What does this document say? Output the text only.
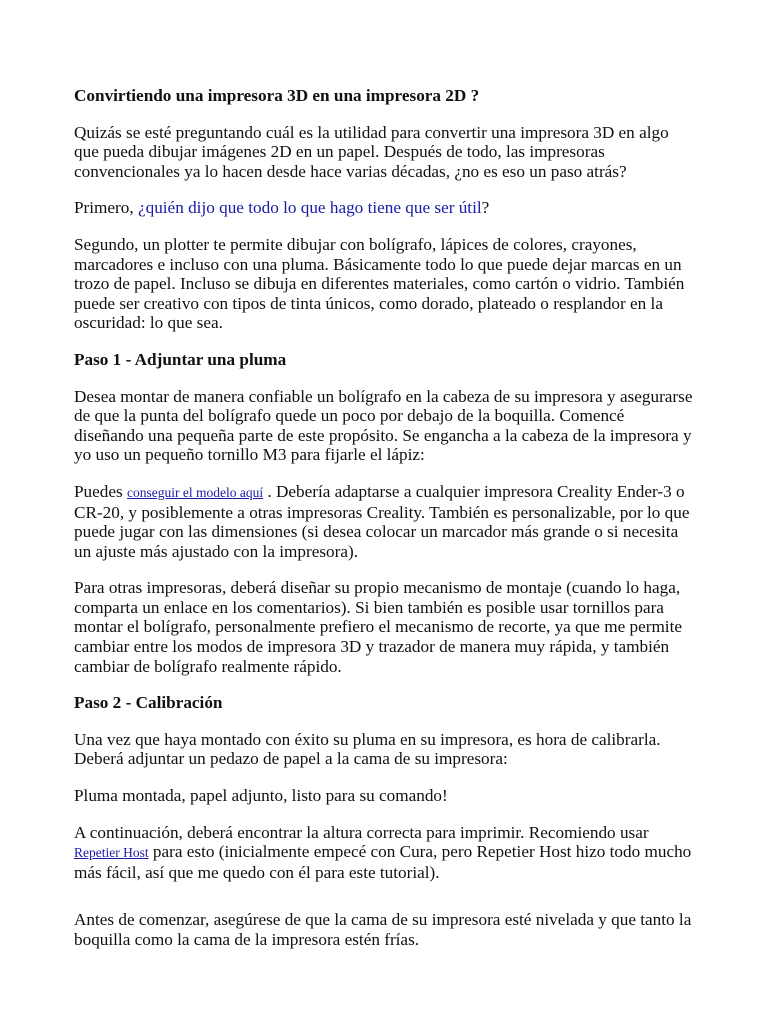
Convirtiendo una impresora 3D en una impresora 2D ?

Quizás se esté preguntando cuál es la utilidad para convertir una impresora 3D en algo que pueda dibujar imágenes 2D en un papel. Después de todo, las impresoras convencionales ya lo hacen desde hace varias décadas, ¿no es eso un paso atrás?

Primero, ¿quién dijo que todo lo que hago tiene que ser útil?

Segundo, un plotter te permite dibujar con bolígrafo, lápices de colores, crayones, marcadores e incluso con una pluma. Básicamente todo lo que puede dejar marcas en un trozo de papel. Incluso se dibuja en diferentes materiales, como cartón o vidrio. También puede ser creativo con tipos de tinta únicos, como dorado, plateado o resplandor en la oscuridad: lo que sea.

Paso 1 - Adjuntar una pluma

Desea montar de manera confiable un bolígrafo en la cabeza de su impresora y asegurarse de que la punta del bolígrafo quede un poco por debajo de la boquilla. Comencé diseñando una pequeña parte de este propósito. Se engancha a la cabeza de la impresora y yo uso un pequeño tornillo M3 para fijarle el lápiz:

Puedes conseguir el modelo aquí . Debería adaptarse a cualquier impresora Creality Ender-3 o CR-20, y posiblemente a otras impresoras Creality. También es personalizable, por lo que puede jugar con las dimensiones (si desea colocar un marcador más grande o si necesita un ajuste más ajustado con la impresora).

Para otras impresoras, deberá diseñar su propio mecanismo de montaje (cuando lo haga, comparta un enlace en los comentarios). Si bien también es posible usar tornillos para montar el bolígrafo, personalmente prefiero el mecanismo de recorte, ya que me permite cambiar entre los modos de impresora 3D y trazador de manera muy rápida, y también cambiar de bolígrafo realmente rápido.

Paso 2 - Calibración

Una vez que haya montado con éxito su pluma en su impresora, es hora de calibrarla. Deberá adjuntar un pedazo de papel a la cama de su impresora:

Pluma montada, papel adjunto, listo para su comando!

A continuación, deberá encontrar la altura correcta para imprimir. Recomiendo usar Repetier Host para esto (inicialmente empecé con Cura, pero Repetier Host hizo todo mucho más fácil, así que me quedo con él para este tutorial).

Antes de comenzar, asegúrese de que la cama de su impresora esté nivelada y que tanto la boquilla como la cama de la impresora estén frías.
